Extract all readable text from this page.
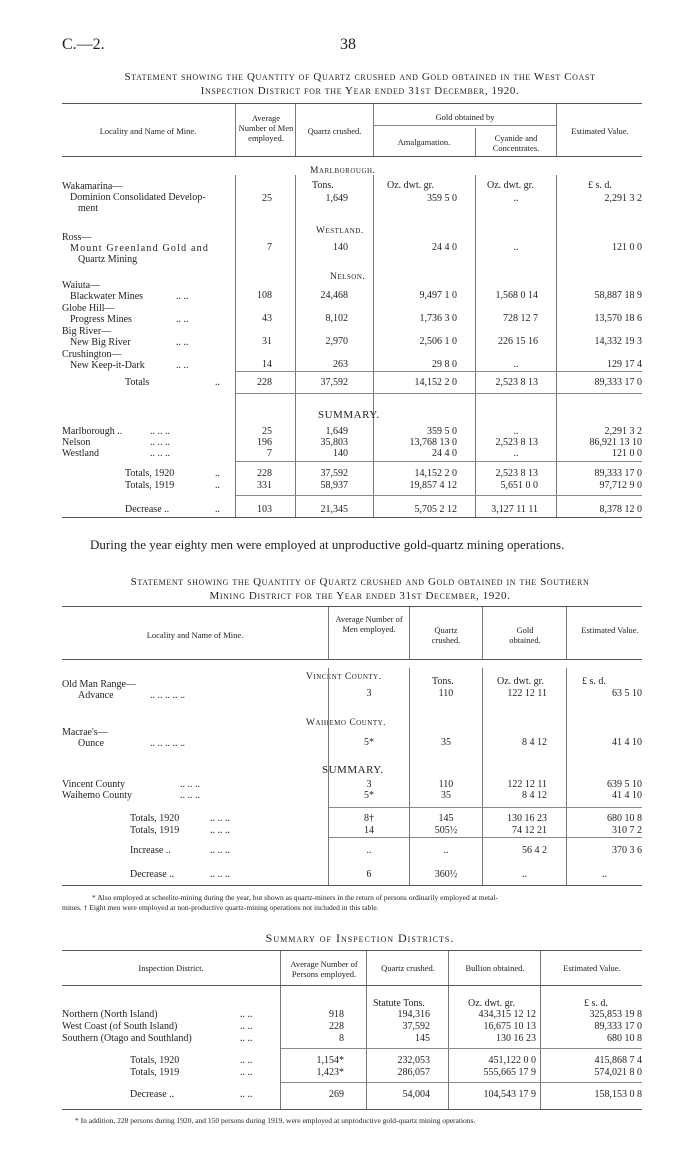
C.—2.	38
Statement showing the Quantity of Quartz crushed and Gold obtained in the West Coast
Inspection District for the Year ended 31st December, 1920.
Locality and Name of Mine.
Average Number of Men employed.
Quartz crushed.
Gold obtained by
Amalgamation.	Cyanide and Concentrates.
Estimated Value.
Marlborough.
Tons.	Oz. dwt. gr.	Oz. dwt. gr.	£ s. d.
Wakamarina—
Dominion Consolidated Develop-
ment
25	1,649	359 5 0	..	2,291 3 2
Westland.
Ross—
Mount Greenland Gold and
Quartz Mining
7	140	24 4 0	..	121 0 0
Nelson.
Waiuta—
Blackwater Mines	.. ..	108	24,468	9,497 1 0	1,568 0 14	58,887 18 9
Globe Hill—
Progress Mines	.. ..	43	8,102	1,736 3 0	728 12 7	13,570 18 6
Big River—
New Big River	.. ..	31	2,970	2,506 1 0	226 15 16	14,332 19 3
Crushington—
New Keep-it-Dark	.. ..	14	263	29 8 0	..	129 17 4
Totals	..	228	37,592	14,152 2 0	2,523 8 13	89,333 17 0
SUMMARY.
Marlborough ..	.. .. ..	25	1,649	359 5 0	..	2,291 3 2
Nelson	.. .. ..	196	35,803	13,768 13 0	2,523 8 13	86,921 13 10
Westland	.. .. ..	7	140	24 4 0	..	121 0 0
Totals, 1920	..	228	37,592	14,152 2 0	2,523 8 13	89,333 17 0
Totals, 1919	..	331	58,937	19,857 4 12	5,651 0 0	97,712 9 0
Decrease ..	..	103	21,345	5,705 2 12	3,127 11 11	8,378 12 0
During the year eighty men were employed at unproductive gold-quartz mining operations.
Statement showing the Quantity of Quartz crushed and Gold obtained in the Southern
Mining District for the Year ended 31st December, 1920.
Locality and Name of Mine.
Average Number of Men employed.	Quartz crushed.
Gold obtained.
Estimated Value.
Vincent County.	Tons.	Oz. dwt. gr.	£ s. d.
Old Man Range—
Advance	.. .. .. .. ..	3	110	122 12 11	63 5 10
Waihemo County.
Macrae's—
Ounce	.. .. .. .. ..	5*	35	8 4 12	41 4 10
SUMMARY.
Vincent County	.. .. ..	3	110	122 12 11	639 5 10
Waihemo County	.. .. ..	5*	35	8 4 12	41 4 10
Totals, 1920	.. .. ..	8†	145	130 16 23	680 10 8
Totals, 1919	.. .. ..	14	505½	74 12 21	310 7 2
Increase ..	.. .. ..	..	..	56 4 2	370 3 6
Decrease ..	.. .. ..	6	360½	..	..
* Also employed at scheelite-mining during the year, but shown as quartz-miners in the return of persons ordinarily employed at metal-
mines. † Eight men were employed at non-productive quartz-mining operations not included in this table.
Summary of Inspection Districts.
Inspection District.	Average Number of Persons employed.
Quartz crushed.	Bullion obtained.	Estimated Value.
Statute Tons.	Oz. dwt. gr.	£ s. d.
Northern (North Island)	.. ..	918	194,316	434,315 12 12	325,853 19 8
West Coast (of South Island)	.. ..	228	37,592	16,675 10 13	89,333 17 0
Southern (Otago and Southland)	.. ..	8	145	130 16 23	680 10 8
Totals, 1920	.. ..	1,154*	232,053	451,122 0 0	415,868 7 4
Totals, 1919	.. ..	1,423*	286,057	555,665 17 9	574,021 8 0
Decrease ..	.. ..	269	54,004	104,543 17 9	158,153 0 8
* In addition, 228 persons during 1920, and 150 persons during 1919, were employed at unproductive gold-quartz mining operations.
